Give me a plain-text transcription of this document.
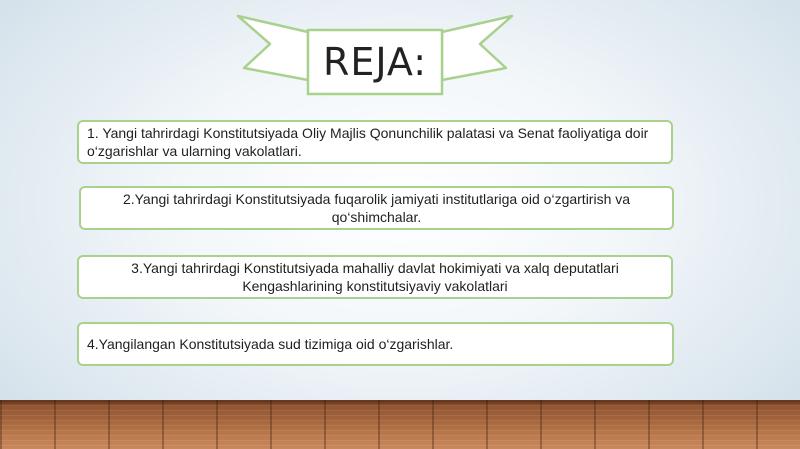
REJA:
1. Yangi tahrirdagi Konstitutsiyada Oliy Majlis Qonunchilik palatasi va Senat faoliyatiga doir o‘zgarishlar va ularning vakolatlari.
2.Yangi tahrirdagi Konstitutsiyada fuqarolik jamiyati institutlariga oid o‘zgartirish va qo‘shimchalar.
3.Yangi tahrirdagi Konstitutsiyada mahalliy davlat hokimiyati va xalq deputatlari Kengashlarining konstitutsiyaviy vakolatlari
4.Yangilangan Konstitutsiyada sud tizimiga oid o‘zgarishlar.
